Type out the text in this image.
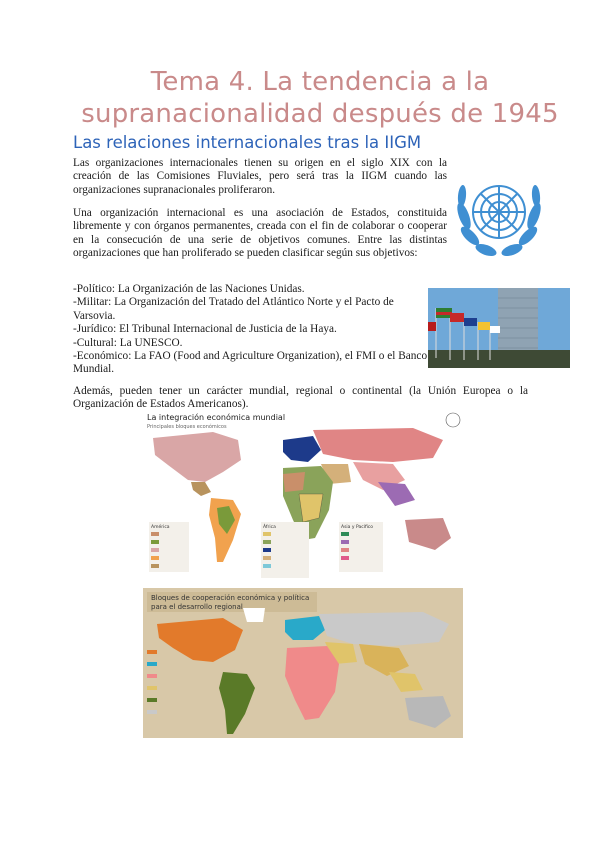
Tema 4. La tendencia a la
supranacionalidad después de 1945
Las relaciones internacionales tras la IIGM

Las organizaciones internacionales tienen su origen en el siglo XIX con la creación de las Comisiones Fluviales, pero será tras la IIGM cuando las organizaciones supranacionales proliferaron.

Una organización internacional es una asociación de Estados, constituida libremente y con órganos permanentes, creada con el fin de colaborar o cooperar en la consecución de una serie de objetivos comunes. Entre las distintas organizaciones que han proliferado se pueden clasificar según sus objetivos:

-Político: La Organización de las Naciones Unidas.
-Militar: La Organización del Tratado del Atlántico Norte y el Pacto de Varsovia.
-Jurídico: El Tribunal Internacional de Justicia de la Haya.
-Cultural: La UNESCO.
-Económico: La FAO (Food and Agriculture Organization), el FMI o el Banco Mundial.

Además, pueden tener un carácter mundial, regional o continental (la Unión Europea o la Organización de Estados Americanos).

La integración económica mundial
Principales bloques económicos
América	África	Asia y Pacífico
Bloques de cooperación económica y política
para el desarrollo regional
